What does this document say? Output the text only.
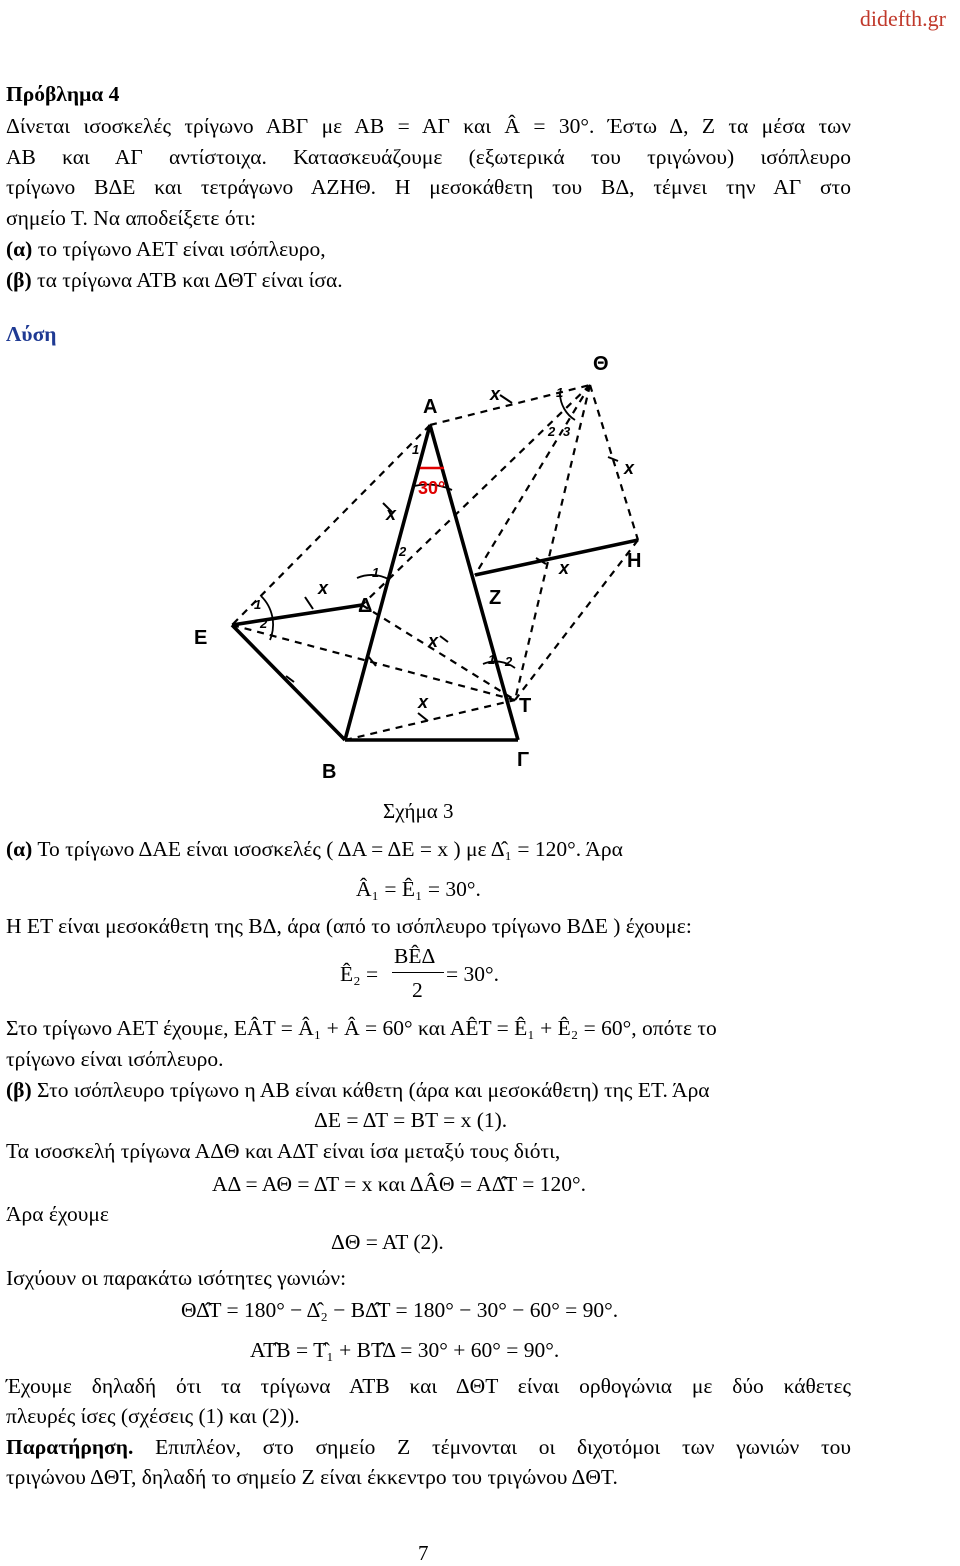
didefth.gr
Πρόβλημα 4
Δίνεται ισοσκελές τρίγωνο ΑΒΓ με ΑΒ = ΑΓ και Â = 30°. Έστω Δ, Ζ τα μέσα των
ΑΒ και ΑΓ αντίστοιχα. Κατασκευάζουμε (εξωτερικά του τριγώνου) ισόπλευρο
τρίγωνο ΒΔΕ και τετράγωνο ΑΖΗΘ. Η μεσοκάθετη του ΒΔ, τέμνει την ΑΓ στο
σημείο Τ. Να αποδείξετε ότι:
(α) το τρίγωνο ΑΕΤ είναι ισόπλευρο,
(β) τα τρίγωνα ΑΤΒ και ΔΘΤ είναι ίσα.
Λύση
Α
Β
Γ
Δ
Ε
Ζ
Η
Θ
Τ
30°
x
x
x
x
x
x
x
1
1
2
1
2
1
2 3
1 2
Σχήμα 3
(α) Το τρίγωνο ΔΑΕ είναι ισοσκελές ( ΔΑ = ΔΕ = x ) με Δ̂₁ = 120°. Άρα
Â₁ = Ê₁ = 30°.
Η ΕΤ είναι μεσοκάθετη της ΒΔ, άρα (από το ισόπλευρο τρίγωνο ΒΔΕ ) έχουμε:
Ê₂ =
ΒÊΔ
2
= 30°.
Στο τρίγωνο ΑΕΤ έχουμε, ΕÂΤ = Â₁ + Â = 60° και ΑÊΤ = Ê₁ + Ê₂ = 60°, οπότε το
τρίγωνο είναι ισόπλευρο.
(β) Στο ισόπλευρο τρίγωνο η ΑΒ είναι κάθετη (άρα και μεσοκάθετη) της ΕΤ. Άρα
ΔΕ = ΔΤ = ΒΤ = x (1).
Τα ισοσκελή τρίγωνα ΑΔΘ και ΑΔΤ είναι ίσα μεταξύ τους διότι,
ΑΔ = ΑΘ = ΔΤ = x και ΔÂΘ = ΑΔ̂Τ = 120°.
Άρα έχουμε
ΔΘ = ΑΤ (2).
Ισχύουν οι παρακάτω ισότητες γωνιών:
ΘΔ̂Τ = 180° − Δ̂₂ − ΒΔ̂Τ = 180° − 30° − 60° = 90°.
ΑΤ̂Β = Τ̂₁ + ΒΤ̂Δ = 30° + 60° = 90°.
Έχουμε δηλαδή ότι τα τρίγωνα ΑΤΒ και ΔΘΤ είναι ορθογώνια με δύο κάθετες
πλευρές ίσες (σχέσεις (1) και (2)).
Παρατήρηση. Επιπλέον, στο σημείο Ζ τέμνονται οι διχοτόμοι των γωνιών του
τριγώνου ΔΘΤ, δηλαδή το σημείο Ζ είναι έκκεντρο του τριγώνου ΔΘΤ.
7
